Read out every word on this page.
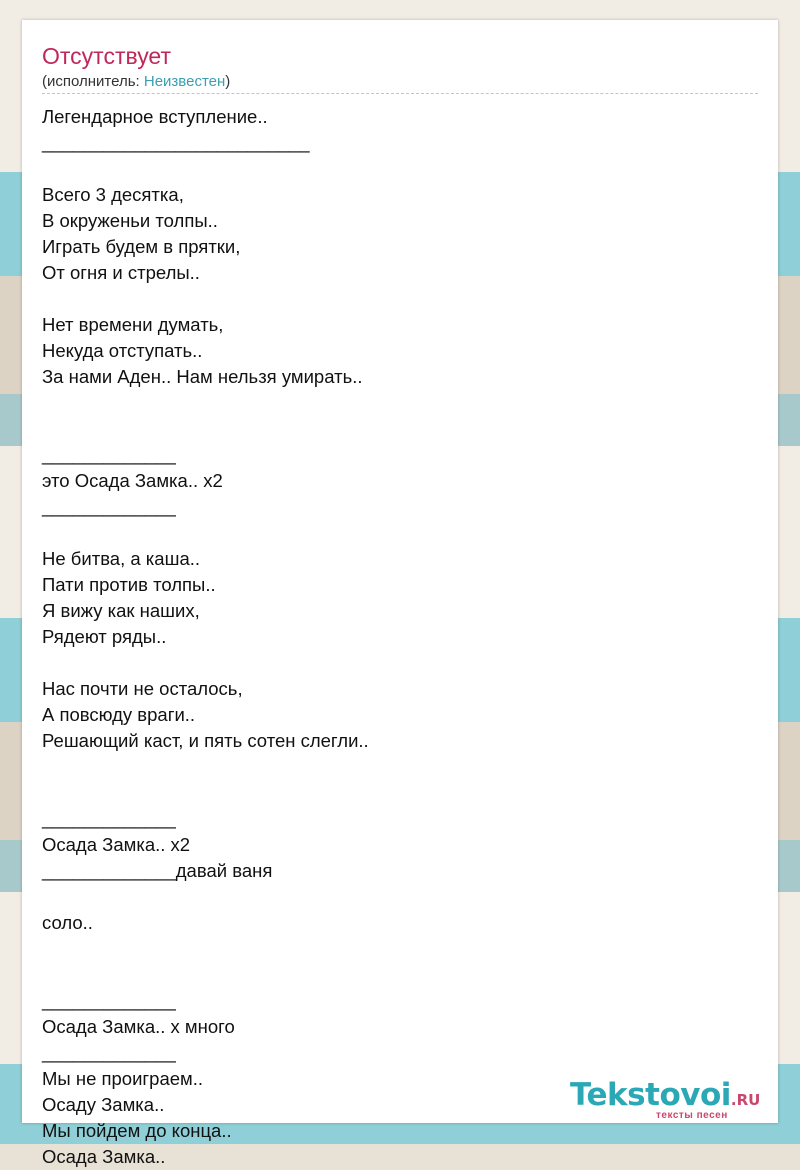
Отсутствует
(исполнитель: Неизвестен)
Легендарное вступление..
__________________________
Всего 3 десятка,
В окруженьи толпы..
Играть будем в прятки,
От огня и стрелы..
Нет времени думать,
Некуда отступать..
За нами Аден.. Нам нельзя умирать..
_____________
это Осада Замка.. x2
_____________
Не битва, а каша..
Пати против толпы..
Я вижу как наших,
Рядеют ряды..
Нас почти не осталось,
А повсюду враги..
Решающий каст, и пять сотен слегли..
_____________
Осада Замка.. x2
_____________давай ваня
соло..
_____________
Осада Замка.. x много
_____________
Мы не проиграем..
Осаду Замка..
Мы пойдем до конца..
Осада Замка..
Tekstovoi.RU
тексты песен
